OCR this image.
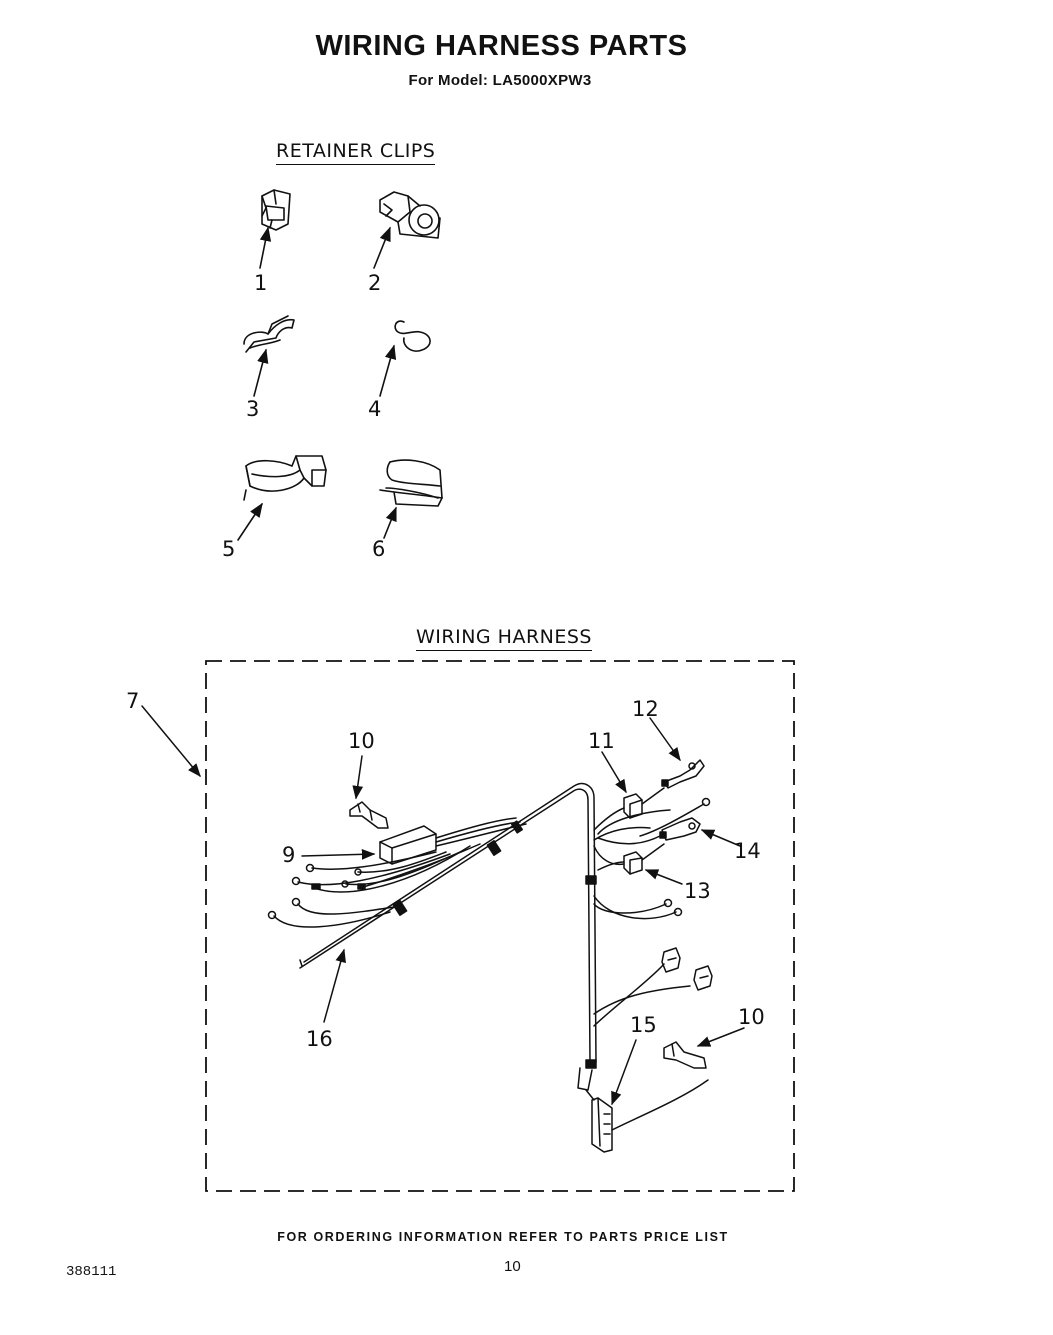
WIRING HARNESS PARTS
For Model: LA5000XPW3
RETAINER CLIPS
WIRING HARNESS
1	2
3	4
5	6
7
10
9
16
11
12
14
13
15	10
FOR ORDERING INFORMATION REFER TO PARTS PRICE LIST
388111	10
